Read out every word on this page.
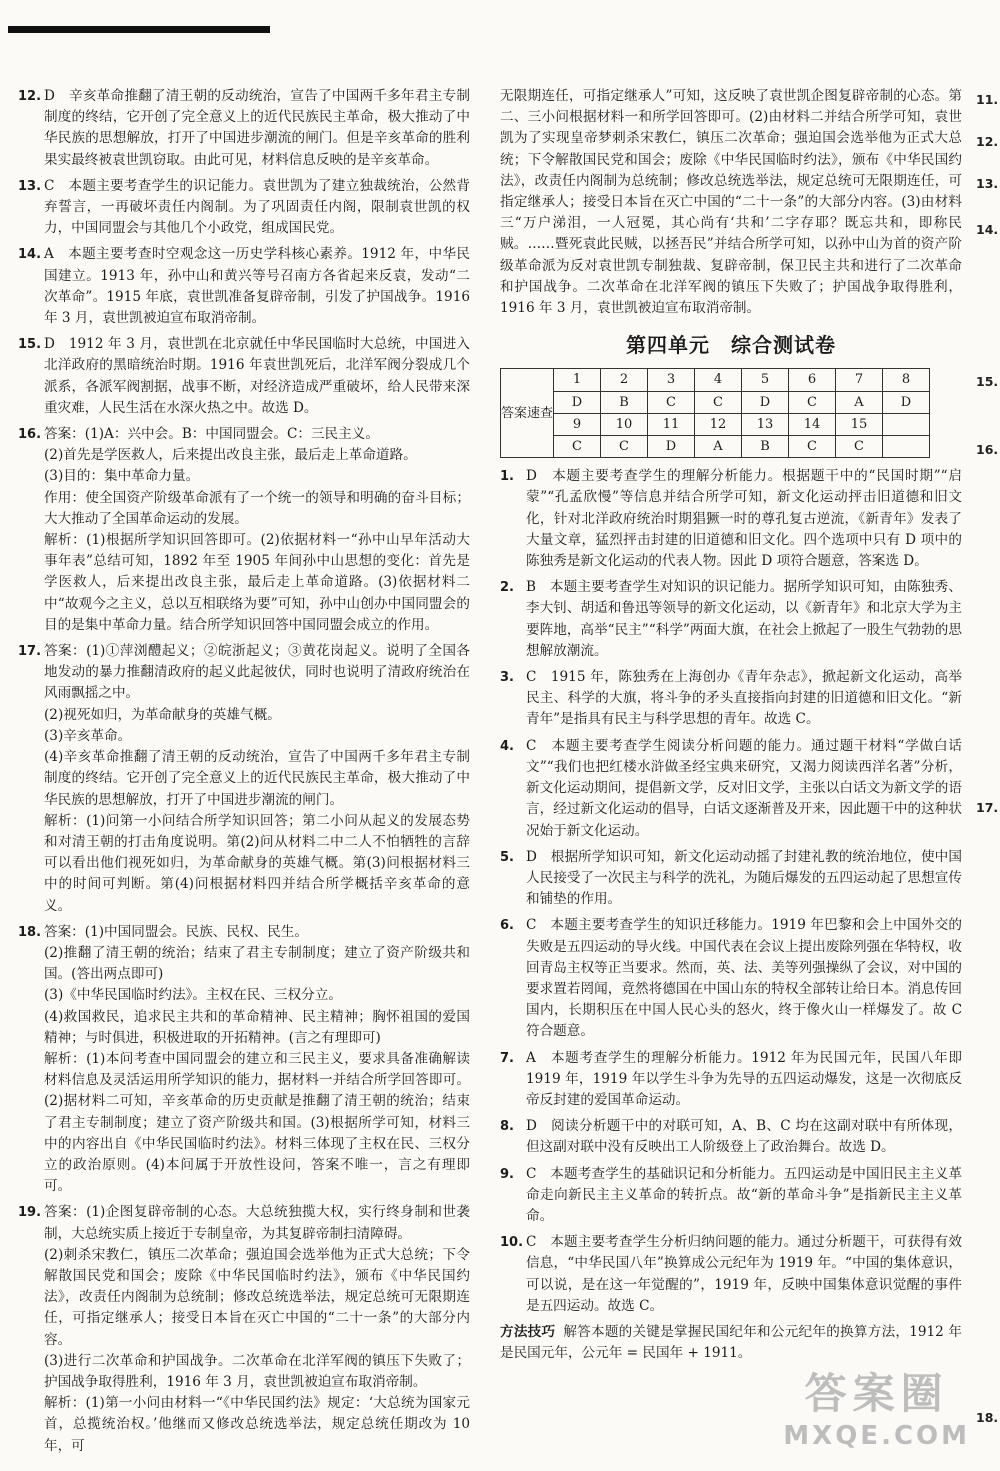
12. D　辛亥革命推翻了清王朝的反动统治，宣告了中国两千多年君主专制制度的终结，它开创了完全意义上的近代民族民主革命，极大推动了中华民族的思想解放，打开了中国进步潮流的闸门。但是辛亥革命的胜利果实最终被袁世凯窃取。由此可见，材料信息反映的是辛亥革命。
13. C　本题主要考查学生的识记能力。袁世凯为了建立独裁统治，公然背弃誓言，一再破坏责任内阁制。为了巩固责任内阁，限制袁世凯的权力，中国同盟会与其他几个小政党，组成国民党。
14. A　本题主要考查时空观念这一历史学科核心素养。1912 年，中华民国建立。1913 年，孙中山和黄兴等号召南方各省起来反袁，发动“二次革命”。1915 年底，袁世凯准备复辟帝制，引发了护国战争。1916 年 3 月，袁世凯被迫宣布取消帝制。
15. D　1912 年 3 月，袁世凯在北京就任中华民国临时大总统，中国进入北洋政府的黑暗统治时期。1916 年袁世凯死后，北洋军阀分裂成几个派系，各派军阀割据，战事不断，对经济造成严重破坏，给人民带来深重灾难，人民生活在水深火热之中。故选 D。
16. 答案：(1)A：兴中会。B：中国同盟会。C：三民主义。
(2)首先是学医救人，后来提出改良主张，最后走上革命道路。
(3)目的：集中革命力量。
作用：使全国资产阶级革命派有了一个统一的领导和明确的奋斗目标；大大推动了全国革命运动的发展。
解析：(1)根据所学知识回答即可。(2)依据材料一“孙中山早年活动大事年表”总结可知，1892 年至 1905 年间孙中山思想的变化：首先是学医救人，后来提出改良主张，最后走上革命道路。(3)依据材料二中“故观今之主义，总以互相联络为要”可知，孙中山创办中国同盟会的目的是集中革命力量。结合所学知识回答中国同盟会成立的作用。
17. 答案：(1)①萍浏醴起义；②皖浙起义；③黄花岗起义。说明了全国各地发动的暴力推翻清政府的起义此起彼伏，同时也说明了清政府统治在风雨飘摇之中。
(2)视死如归，为革命献身的英雄气概。
(3)辛亥革命。
(4)辛亥革命推翻了清王朝的反动统治，宣告了中国两千多年君主专制制度的终结。它开创了完全意义上的近代民族民主革命，极大推动了中华民族的思想解放，打开了中国进步潮流的闸门。
解析：(1)问第一小问结合所学知识回答；第二小问从起义的发展态势和对清王朝的打击角度说明。第(2)问从材料二中二人不怕牺牲的言辞可以看出他们视死如归，为革命献身的英雄气概。第(3)问根据材料三中的时间可判断。第(4)问根据材料四并结合所学概括辛亥革命的意义。
18. 答案：(1)中国同盟会。民族、民权、民生。
(2)推翻了清王朝的统治；结束了君主专制制度；建立了资产阶级共和国。(答出两点即可)
(3)《中华民国临时约法》。主权在民、三权分立。
(4)救国救民，追求民主共和的革命精神、民主精神；胸怀祖国的爱国精神；与时俱进，积极进取的开拓精神。(言之有理即可)
解析：(1)本问考查中国同盟会的建立和三民主义，要求具备准确解读材料信息及灵活运用所学知识的能力，据材料一并结合所学回答即可。(2)据材料二可知，辛亥革命的历史贡献是推翻了清王朝的统治；结束了君主专制制度；建立了资产阶级共和国。(3)根据所学可知，材料三中的内容出自《中华民国临时约法》。材料三体现了主权在民、三权分立的政治原则。(4)本问属于开放性设问，答案不唯一，言之有理即可。
19. 答案：(1)企图复辟帝制的心态。大总统独揽大权，实行终身制和世袭制，大总统实质上接近于专制皇帝，为其复辟帝制扫清障碍。
(2)刺杀宋教仁，镇压二次革命；强迫国会选举他为正式大总统；下令解散国民党和国会；废除《中华民国临时约法》，颁布《中华民国约法》，改责任内阁制为总统制；修改总统选举法，规定总统可无限期连任，可指定继承人；接受日本旨在灭亡中国的“二十一条”的大部分内容。
(3)进行二次革命和护国战争。二次革命在北洋军阀的镇压下失败了；护国战争取得胜利，1916 年 3 月，袁世凯被迫宣布取消帝制。
解析：(1)第一小问由材料一“《中华民国约法》规定：‘大总统为国家元首，总揽统治权。’他继而又修改总统选举法，规定总统任期改为 10 年，可
无限期连任，可指定继承人”可知，这反映了袁世凯企图复辟帝制的心态。第二、三小问根据材料一和所学回答即可。(2)由材料二并结合所学可知，袁世凯为了实现皇帝梦刺杀宋教仁，镇压二次革命；强迫国会选举他为正式大总统；下令解散国民党和国会；废除《中华民国临时约法》，颁布《中华民国约法》，改责任内阁制为总统制；修改总统选举法，规定总统可无限期连任，可指定继承人；接受日本旨在灭亡中国的“二十一条”的大部分内容。(3)由材料三“万户涕泪，一人冠冕，其心尚有‘共和’二字存耶？既忘共和，即称民贼。……暨死袁此民贼，以拯吾民”并结合所学可知，以孙中山为首的资产阶级革命派为反对袁世凯专制独裁、复辟帝制，保卫民主共和进行了二次革命和护国战争。二次革命在北洋军阀的镇压下失败了；护国战争取得胜利，1916 年 3 月，袁世凯被迫宣布取消帝制。
第四单元　综合测试卷
答案速查	1	2	3	4	5	6	7	8
	D	B	C	C	D	C	A	D
	9	10	11	12	13	14	15	
	C	C	D	A	B	C	C	
1. D　本题主要考查学生的理解分析能力。根据题干中的“民国时期”“启蒙”“孔孟欣慢”等信息并结合所学可知，新文化运动抨击旧道德和旧文化，针对北洋政府统治时期猖獗一时的尊孔复古逆流，《新青年》发表了大量文章，猛烈抨击封建的旧道德和旧文化。四个选项中只有 D 项中的陈独秀是新文化运动的代表人物。因此 D 项符合题意，答案选 D。
2. B　本题主要考查学生对知识的识记能力。据所学知识可知，由陈独秀、李大钊、胡适和鲁迅等领导的新文化运动，以《新青年》和北京大学为主要阵地，高举“民主”“科学”两面大旗，在社会上掀起了一股生气勃勃的思想解放潮流。
3. C　1915 年，陈独秀在上海创办《青年杂志》，掀起新文化运动，高举民主、科学的大旗，将斗争的矛头直接指向封建的旧道德和旧文化。“新青年”是指具有民主与科学思想的青年。故选 C。
4. C　本题主要考查学生阅读分析问题的能力。通过题干材料“学做白话文”“我们也把红楼水浒做圣经宝典来研究，又渴力阅读西洋名著”分析，新文化运动期间，提倡新文学，反对旧文学，主张以白话文为新文学的语言，经过新文化运动的倡导，白话文逐渐普及开来，因此题干中的这种状况始于新文化运动。
5. D　根据所学知识可知，新文化运动动摇了封建礼教的统治地位，使中国人民接受了一次民主与科学的洗礼，为随后爆发的五四运动起了思想宣传和铺垫的作用。
6. C　本题主要考查学生的知识迁移能力。1919 年巴黎和会上中国外交的失败是五四运动的导火线。中国代表在会议上提出废除列强在华特权，收回青岛主权等正当要求。然而，英、法、美等列强操纵了会议，对中国的要求置若罔闻，竟然将德国在中国山东的特权全部转让给日本。消息传回国内，长期积压在中国人民心头的怒火，终于像火山一样爆发了。故 C 符合题意。
7. A　本题考查学生的理解分析能力。1912 年为民国元年，民国八年即 1919 年，1919 年以学生斗争为先导的五四运动爆发，这是一次彻底反帝反封建的爱国革命运动。
8. D　阅读分析题干中的对联可知，A、B、C 均在这副对联中有所体现，但这副对联中没有反映出工人阶级登上了政治舞台。故选 D。
9. C　本题考查学生的基础识记和分析能力。五四运动是中国旧民主主义革命走向新民主主义革命的转折点。故“新的革命斗争”是指新民主主义革命。
10. C　本题主要考查学生分析归纳问题的能力。通过分析题干，可获得有效信息，“中华民国八年”换算成公元纪年为 1919 年。“中国的集体意识，可以说，是在这一年觉醒的”，1919 年，反映中国集体意识觉醒的事件是五四运动。故选 C。
方法技巧 解答本题的关键是掌握民国纪年和公元纪年的换算方法，1912 年是民国元年，公元年 = 民国年 + 1911。
11.
12.
13.
14.
15.
16.
17.
18.
答案圈
MXQE.COM
